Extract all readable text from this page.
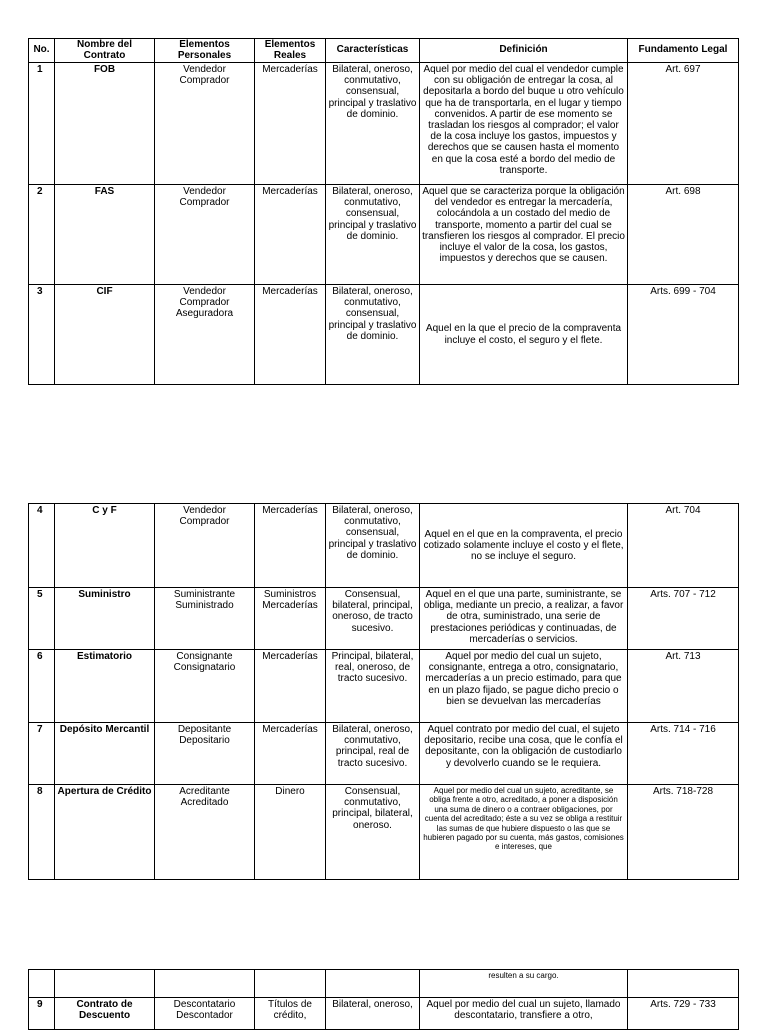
No.	Nombre del Contrato	Elementos Personales	Elementos Reales	Características	Definición	Fundamento Legal
1	FOB	Vendedor Comprador	Mercaderías	Bilateral, oneroso, conmutativo, consensual, principal y traslativo de dominio.	Aquel por medio del cual el vendedor cumple con su obligación de entregar la cosa, al depositarla a bordo del buque u otro vehículo que ha de transportarla, en el lugar y tiempo convenidos. A partir de ese momento se trasladan los riesgos al comprador; el valor de la cosa incluye los gastos, impuestos y derechos que se causen hasta el momento en que la cosa esté a bordo del medio de transporte.	Art. 697
2	FAS	Vendedor Comprador	Mercaderías	Bilateral, oneroso, conmutativo, consensual, principal y traslativo de dominio.	Aquel que se caracteriza porque la obligación del vendedor es entregar la mercadería, colocándola a un costado del medio de transporte, momento a partir del cual se transfieren los riesgos al comprador. El precio incluye el valor de la cosa, los gastos, impuestos y derechos que se causen.	Art. 698
3	CIF	Vendedor Comprador Aseguradora	Mercaderías	Bilateral, oneroso, conmutativo, consensual, principal y traslativo de dominio.	Aquel en la que el precio de la compraventa incluye el costo, el seguro y el flete.	Arts. 699 - 704
4	C y F	Vendedor Comprador	Mercaderías	Bilateral, oneroso, conmutativo, consensual, principal y traslativo de dominio.	Aquel en el que en la compraventa, el precio cotizado solamente incluye el costo y el flete, no se incluye el seguro.	Art. 704
5	Suministro	Suministrante Suministrado	Suministros Mercaderías	Consensual, bilateral, principal, oneroso, de tracto sucesivo.	Aquel en el que una parte, suministrante, se obliga, mediante un precio, a realizar, a favor de otra, suministrado, una serie de prestaciones periódicas y continuadas, de mercaderías o servicios.	Arts. 707 - 712
6	Estimatorio	Consignante Consignatario	Mercaderías	Principal, bilateral, real, oneroso, de tracto sucesivo.	Aquel por medio del cual un sujeto, consignante, entrega a otro, consignatario, mercaderías a un precio estimado, para que en un plazo fijado, se pague dicho precio o bien se devuelvan las mercaderías	Art. 713
7	Depósito Mercantil	Depositante Depositario	Mercaderías	Bilateral, oneroso, conmutativo, principal, real de tracto sucesivo.	Aquel contrato por medio del cual, el sujeto depositario, recibe una cosa, que le confía el depositante, con la obligación de custodiarlo y devolverlo cuando se le requiera.	Arts. 714 - 716
8	Apertura de Crédito	Acreditante Acreditado	Dinero	Consensual, conmutativo, principal, bilateral, oneroso.	Aquel por medio del cual un sujeto, acreditante, se obliga frente a otro, acreditado, a poner a disposición una suma de dinero o a contraer obligaciones, por cuenta del acreditado; éste a su vez se obliga a restituir las sumas de que hubiere dispuesto o las que se hubieren pagado por su cuenta, más gastos, comisiones e intereses, que	Arts. 718-728
					resulten a su cargo.	
9	Contrato de Descuento	Descontatario Descontador	Títulos de crédito,	Bilateral, oneroso,	Aquel por medio del cual un sujeto, llamado descontatario, transfiere a otro,	Arts. 729 - 733
